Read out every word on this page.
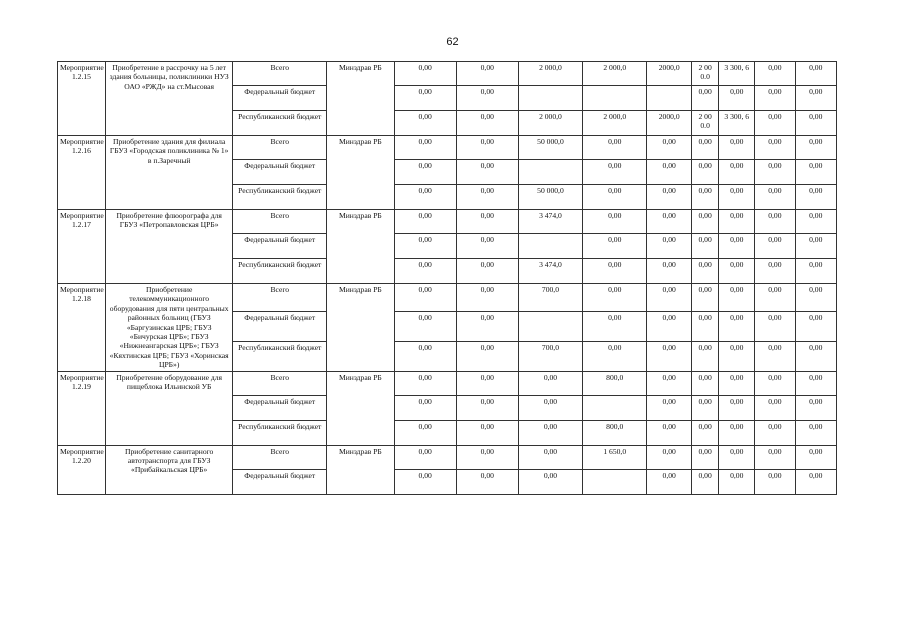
62
Мероприятие 1.2.15	Приобретение в рассрочку на 5 лет здания больницы, поликлиники НУЗ ОАО «РЖД» на ст.Мысовая	Всего	Минздрав РБ	0,00	0,00	2 000,0	2 000,0	2000,0	2 00 0.0	3 300, 6	0,00	0,00
		Федеральный бюджет		0,00	0,00				0,00	0,00	0,00	0,00
		Республиканский бюджет		0,00	0,00	2 000,0	2 000,0	2000,0	2 00 0.0	3 300, 6	0,00	0,00
Мероприятие 1.2.16	Приобретение здания для филиала ГБУЗ «Городская поликлиника № 1» в п.Заречный	Всего	Минздрав РБ	0,00	0,00	50 000,0	0,00	0,00	0,00	0,00	0,00	0,00
		Федеральный бюджет		0,00	0,00		0,00	0,00	0,00	0,00	0,00	0,00
		Республиканский бюджет		0,00	0,00	50 000,0	0,00	0,00	0,00	0,00	0,00	0,00
Мероприятие 1.2.17	Приобретение флюорографа для ГБУЗ «Петропавловская ЦРБ»	Всего	Минздрав РБ	0,00	0,00	3 474,0	0,00	0,00	0,00	0,00	0,00	0,00
		Федеральный бюджет		0,00	0,00		0,00	0,00	0,00	0,00	0,00	0,00
		Республиканский бюджет		0,00	0,00	3 474,0	0,00	0,00	0,00	0,00	0,00	0,00
Мероприятие 1.2.18	Приобретение телекоммуникационного оборудования для пяти центральных районных больниц (ГБУЗ «Баргузинская ЦРБ; ГБУЗ «Бичурская ЦРБ»; ГБУЗ «Нижнеангарская ЦРБ»; ГБУЗ «Кяхтинская ЦРБ; ГБУЗ «Хоринская ЦРБ»)	Всего	Минздрав РБ	0,00	0,00	700,0	0,00	0,00	0,00	0,00	0,00	0,00
		Федеральный бюджет		0,00	0,00		0,00	0,00	0,00	0,00	0,00	0,00
		Республиканский бюджет		0,00	0,00	700,0	0,00	0,00	0,00	0,00	0,00	0,00
Мероприятие 1.2.19	Приобретение оборудование для пищеблока Ильинской УБ	Всего	Минздрав РБ	0,00	0,00	0,00	800,0	0,00	0,00	0,00	0,00	0,00
		Федеральный бюджет		0,00	0,00	0,00		0,00	0,00	0,00	0,00	0,00
		Республиканский бюджет		0,00	0,00	0,00	800,0	0,00	0,00	0,00	0,00	0,00
Мероприятие 1.2.20	Приобретение санитарного автотранспорта для ГБУЗ «Прибайкальская ЦРБ»	Всего	Минздрав РБ	0,00	0,00	0,00	1 650,0	0,00	0,00	0,00	0,00	0,00
		Федеральный бюджет		0,00	0,00	0,00		0,00	0,00	0,00	0,00	0,00
